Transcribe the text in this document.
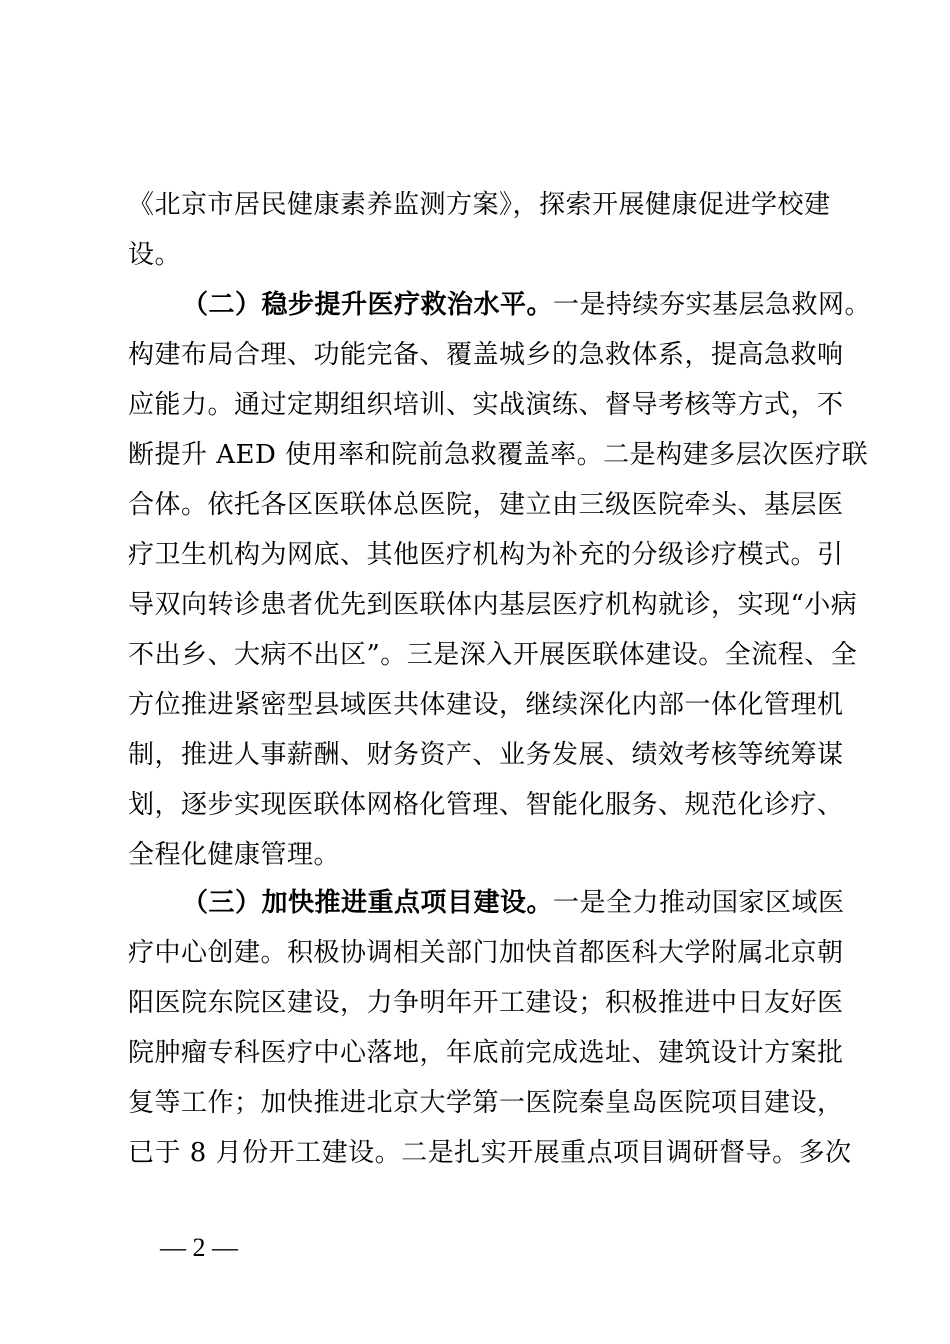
《北京市居民健康素养监测方案》，探索开展健康促进学校建
设。
（二）稳步提升医疗救治水平。一是持续夯实基层急救网。
构建布局合理、功能完备、覆盖城乡的急救体系，提高急救响
应能力。通过定期组织培训、实战演练、督导考核等方式，不
断提升 AED 使用率和院前急救覆盖率。二是构建多层次医疗联
合体。依托各区医联体总医院，建立由三级医院牵头、基层医
疗卫生机构为网底、其他医疗机构为补充的分级诊疗模式。引
导双向转诊患者优先到医联体内基层医疗机构就诊，实现“小病
不出乡、大病不出区”。三是深入开展医联体建设。全流程、全
方位推进紧密型县域医共体建设，继续深化内部一体化管理机
制，推进人事薪酬、财务资产、业务发展、绩效考核等统筹谋
划，逐步实现医联体网格化管理、智能化服务、规范化诊疗、
全程化健康管理。
（三）加快推进重点项目建设。一是全力推动国家区域医
疗中心创建。积极协调相关部门加快首都医科大学附属北京朝
阳医院东院区建设，力争明年开工建设；积极推进中日友好医
院肿瘤专科医疗中心落地，年底前完成选址、建筑设计方案批
复等工作；加快推进北京大学第一医院秦皇岛医院项目建设，
已于 8 月份开工建设。二是扎实开展重点项目调研督导。多次
— 2 —
